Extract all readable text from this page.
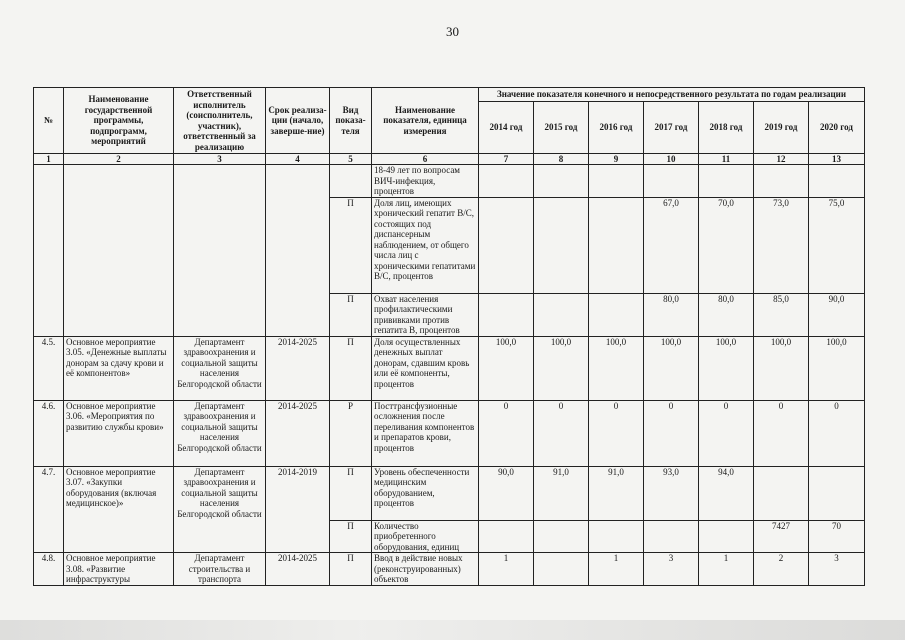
30
№	Наименование государственной программы, подпрограмм, мероприятий	Ответственный исполнитель (соисполнитель, участник), ответственный за реализацию	Срок реализа-ции (начало, заверше-ние)	Вид показа-теля	Наименование показателя, единица измерения	Значение показателя конечного и непосредственного результата по годам реализации						
						2014 год	2015 год	2016 год	2017 год	2018 год	2019 год	2020 год
1	2	3	4	5	6	7	8	9	10	11	12	13
					18-49 лет по вопросам ВИЧ-инфекция, процентов							
				П	Доля лиц, имеющих хронический гепатит В/С, состоящих под диспансерным наблюдением, от общего числа лиц с хроническими гепатитами В/С, процентов				67,0	70,0	73,0	75,0
				П	Охват населения профилактическими прививками против гепатита В, процентов				80,0	80,0	85,0	90,0
4.5.	Основное мероприятие 3.05. «Денежные выплаты донорам за сдачу крови и её компонентов»	Департамент здравоохранения и социальной защиты населения Белгородской области	2014-2025	П	Доля осуществленных денежных выплат донорам, сдавшим кровь или её компоненты, процентов	100,0	100,0	100,0	100,0	100,0	100,0	100,0
4.6.	Основное мероприятие 3.06. «Мероприятия по развитию службы крови»	Департамент здравоохранения и социальной защиты населения Белгородской области	2014-2025	Р	Посттрансфузионные осложнения после переливания компонентов и препаратов крови, процентов	0	0	0	0	0	0	0
4.7.	Основное мероприятие 3.07. «Закупки оборудования (включая медицинское)»	Департамент здравоохранения и социальной защиты населения Белгородской области	2014-2019	П	Уровень обеспеченности медицинским оборудованием, процентов	90,0	91,0	91,0	93,0	94,0		
				П	Количество приобретенного оборудования, единиц						7427	70
4.8.	Основное мероприятие 3.08. «Развитие инфраструктуры	Департамент строительства и транспорта	2014-2025	П	Ввод в действие новых (реконструированных) объектов	1		1	3	1	2	3
